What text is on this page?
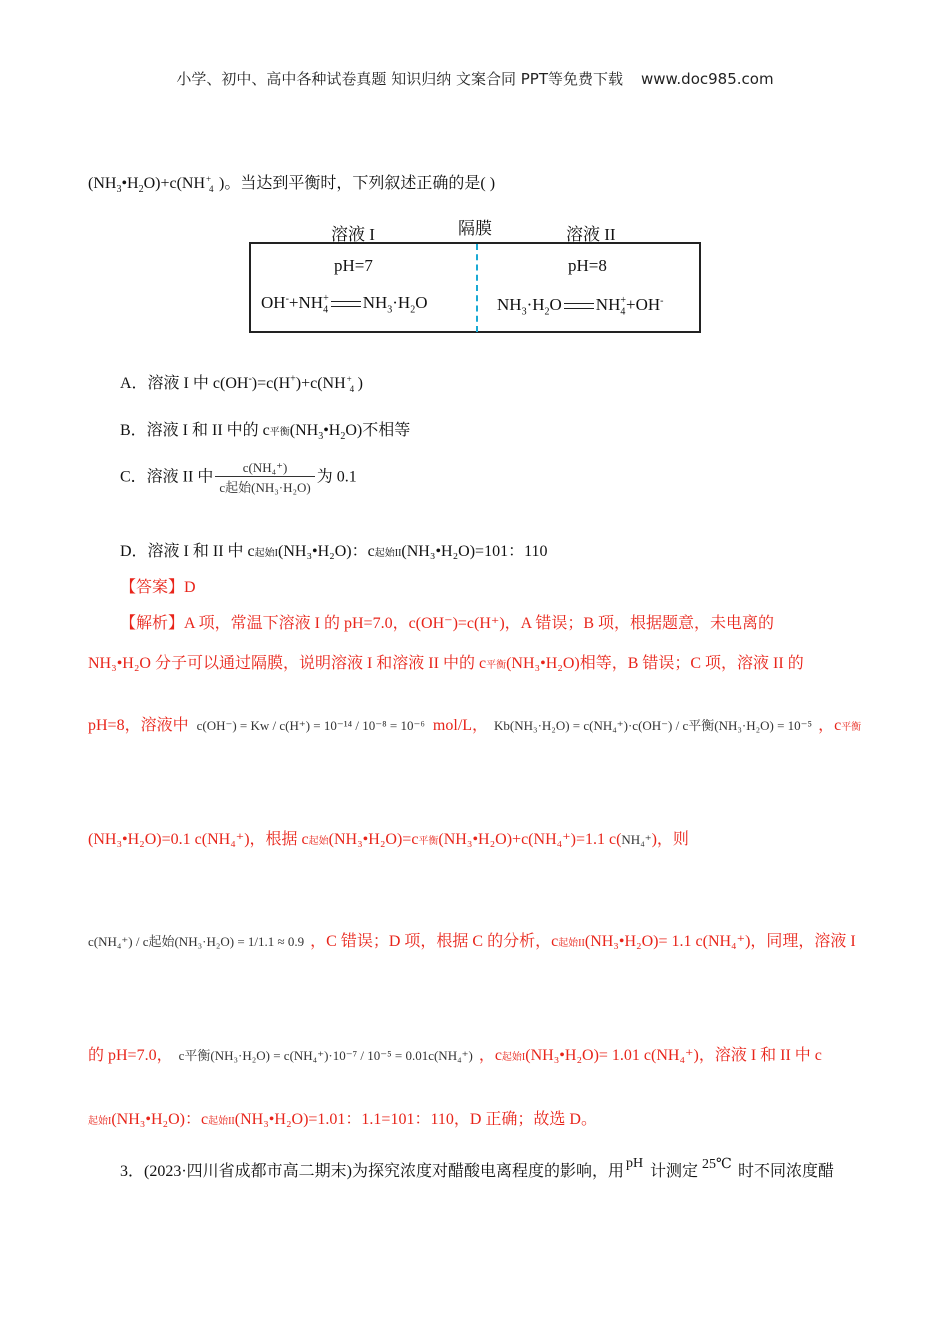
小学、初中、高中各种试卷真题 知识归纳 文案合同 PPT等免费下载 www.doc985.com
$(NH_3•H_2O)+c(NH$ +
4 )。当达到平衡时，下列叙述正确的是( )
溶液 I	隔膜	溶液 II
pH=7	pH=8
$OH^-+NH_4^+$ $NH_3\cdot H_2O$	$NH_3\cdot H_2O$ $NH_4^++OH^-$
A．溶液 I 中 c(OH-)=c(H+)+c(NH +
4 )
B．溶液 I 和 II 中的 c平衡$(NH_3•H_2O)$不相等
C．溶液 II 中 $\frac{\text{c(NH₄⁺)}}{\text{c起始(NH₃·H₂O)}}$ 为 0.1
D．溶液 I 和 II 中 c起始I(NH₃•H₂O)：c起始II(NH₃•H₂O)=101：110
【答案】D
【解析】A 项，常温下溶液 I 的 pH=7.0，c(OH⁻)=c(H⁺)，A 错误；B 项，根据题意，未电离的
NH₃•H₂O 分子可以通过隔膜，说明溶液 I 和溶液 II 中的 c平衡(NH₃•H₂O)相等，B 错误；C 项，溶液 II 的
pH=8，溶液中 c(OH⁻) = Kw / c(H⁺) = 10⁻¹⁴ / 10⁻⁸ = 10⁻⁶ mol/L， Kb(NH₃·H₂O) = c(NH₄⁺)·c(OH⁻) / c平衡(NH₃·H₂O) = 10⁻⁵ ，c平衡
(NH₃•H₂O)=0.1 c(NH₄⁺)，根据 c起始(NH₃•H₂O)=c平衡(NH₃•H₂O)+c(NH₄⁺)=1.1 c(NH₄⁺)，则
c(NH₄⁺) / c起始(NH₃·H₂O) = 1/1.1 ≈ 0.9 ，C 错误；D 项，根据 C 的分析，c起始II(NH₃•H₂O)= 1.1 c(NH₄⁺)，同理，溶液 I
的 pH=7.0， c平衡(NH₃·H₂O) = c(NH₄⁺)·10⁻⁷ / 10⁻⁵ = 0.01c(NH₄⁺) ，c起始I(NH₃•H₂O)= 1.01 c(NH₄⁺)，溶液 I 和 II 中 c
起始I(NH₃•H₂O)：c起始II(NH₃•H₂O)=1.01：1.1=101：110，D 正确；故选 D。
3．(2023·四川省成都市高二期末)为探究浓度对醋酸电离程度的影响，用 pH 计测定 25℃ 时不同浓度醋
